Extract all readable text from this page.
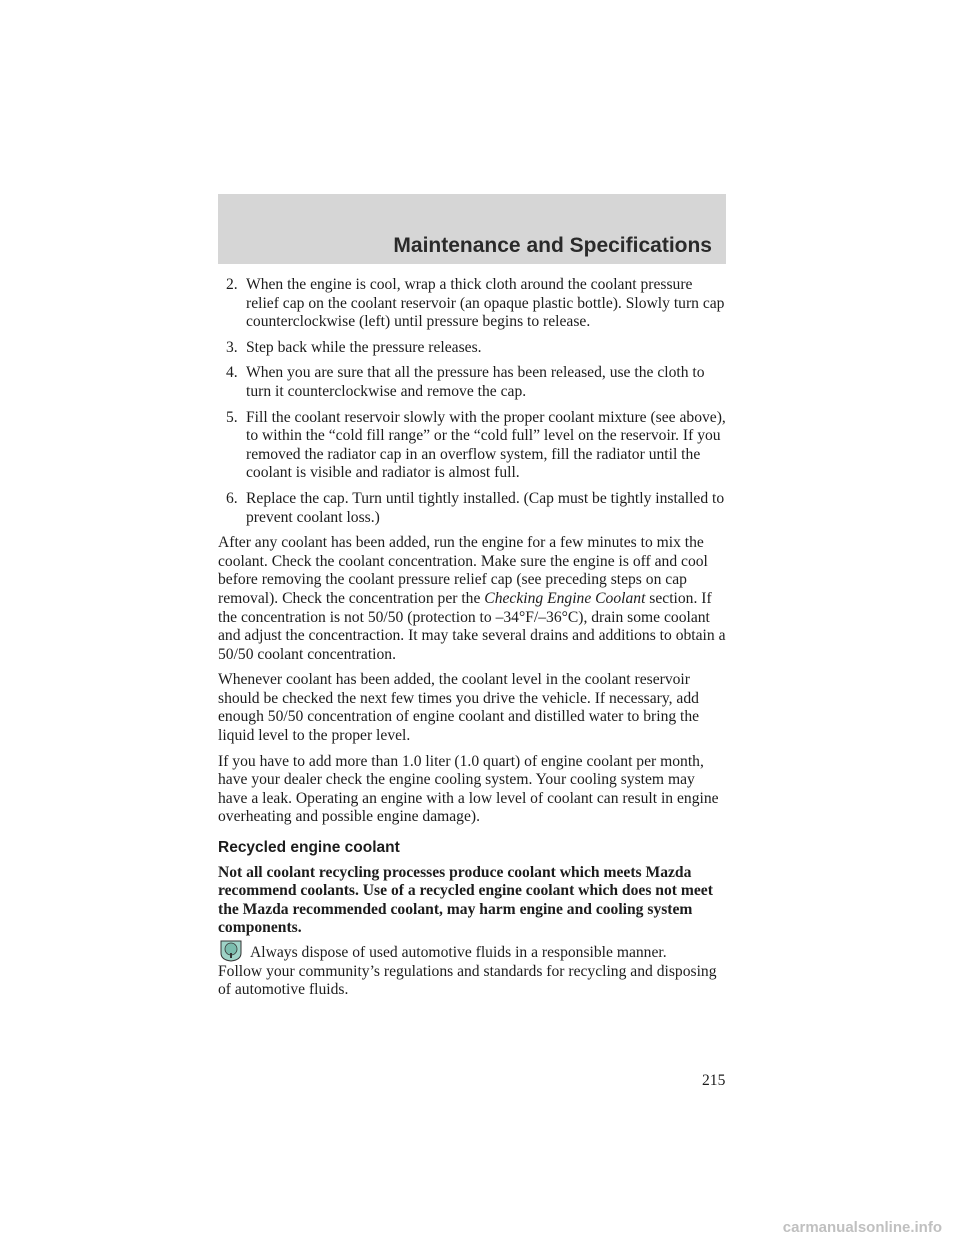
Maintenance and Specifications
2. When the engine is cool, wrap a thick cloth around the coolant pressure relief cap on the coolant reservoir (an opaque plastic bottle). Slowly turn cap counterclockwise (left) until pressure begins to release.
3. Step back while the pressure releases.
4. When you are sure that all the pressure has been released, use the cloth to turn it counterclockwise and remove the cap.
5. Fill the coolant reservoir slowly with the proper coolant mixture (see above), to within the “cold fill range” or the “cold full” level on the reservoir. If you removed the radiator cap in an overflow system, fill the radiator until the coolant is visible and radiator is almost full.
6. Replace the cap. Turn until tightly installed. (Cap must be tightly installed to prevent coolant loss.)

After any coolant has been added, run the engine for a few minutes to mix the coolant. Check the coolant concentration. Make sure the engine is off and cool before removing the coolant pressure relief cap (see preceding steps on cap removal). Check the concentration per the Checking Engine Coolant section. If the concentration is not 50/50 (protection to –34°F/–36°C), drain some coolant and adjust the concentraction. It may take several drains and additions to obtain a 50/50 coolant concentration.

Whenever coolant has been added, the coolant level in the coolant reservoir should be checked the next few times you drive the vehicle. If necessary, add enough 50/50 concentration of engine coolant and distilled water to bring the liquid level to the proper level.

If you have to add more than 1.0 liter (1.0 quart) of engine coolant per month, have your dealer check the engine cooling system. Your cooling system may have a leak. Operating an engine with a low level of coolant can result in engine overheating and possible engine damage).

Recycled engine coolant

Not all coolant recycling processes produce coolant which meets Mazda recommend coolants. Use of a recycled engine coolant which does not meet the Mazda recommended coolant, may harm engine and cooling system components.

Always dispose of used automotive fluids in a responsible manner.
Follow your community’s regulations and standards for recycling and disposing of automotive fluids.
215
carmanualsonline.info
